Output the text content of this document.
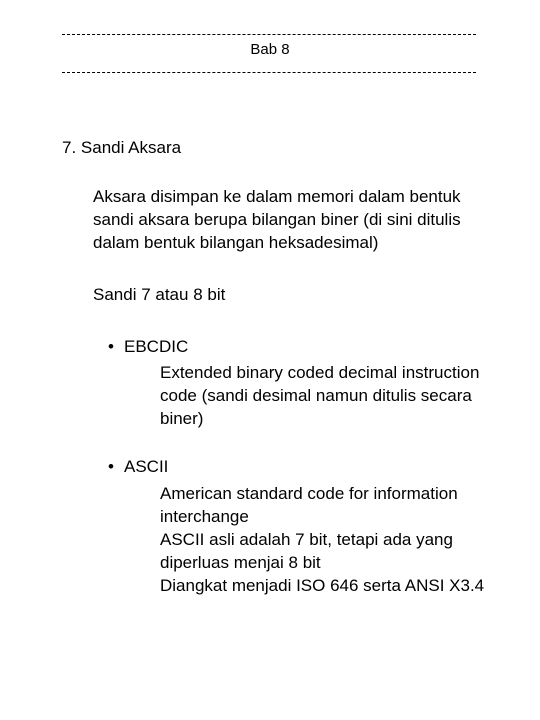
Bab 8
7. Sandi Aksara
Aksara disimpan ke dalam memori dalam bentuk
sandi aksara berupa bilangan biner (di sini ditulis
dalam bentuk bilangan heksadesimal)
Sandi 7 atau 8 bit
• EBCDIC
Extended binary coded decimal instruction
code (sandi desimal namun ditulis secara
biner)
• ASCII
American standard code for information
interchange
ASCII asli adalah 7 bit, tetapi ada yang
diperluas menjai 8 bit
Diangkat menjadi ISO 646 serta ANSI X3.4
